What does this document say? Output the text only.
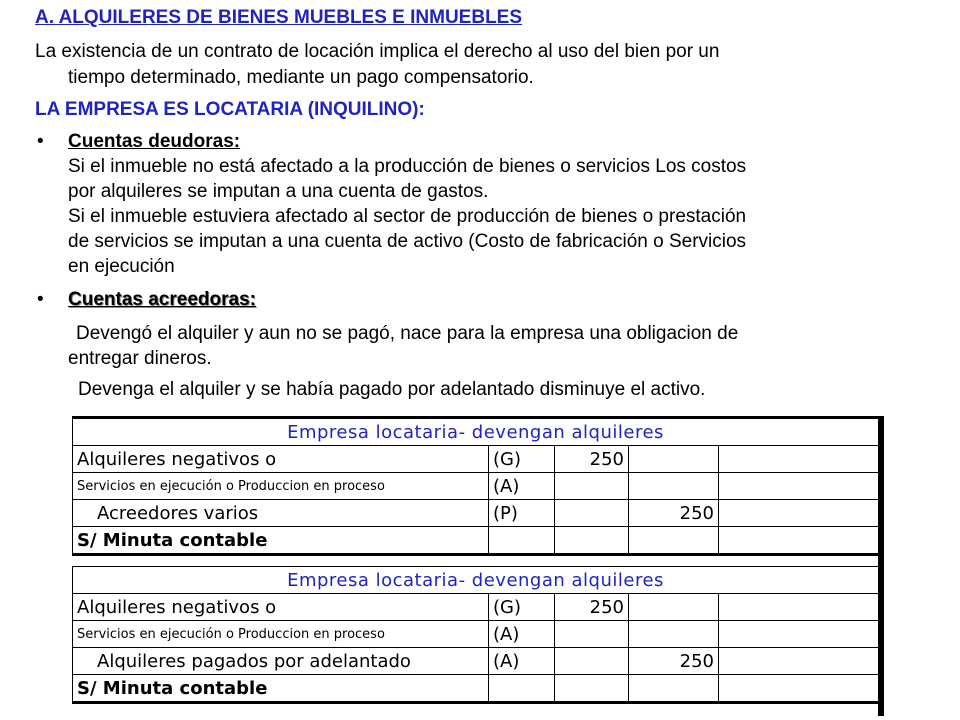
A. ALQUILERES DE BIENES MUEBLES E INMUEBLES
La existencia de un contrato de locación implica el derecho al uso del bien por un
tiempo determinado, mediante un pago compensatorio.
LA EMPRESA ES LOCATARIA (INQUILINO):
• Cuentas deudoras:
Si el inmueble no está afectado a la producción de bienes o servicios Los costos
por alquileres se imputan a una cuenta de gastos.
Si el inmueble estuviera afectado al sector de producción de bienes o prestación
de servicios se imputan a una cuenta de activo (Costo de fabricación o Servicios
en ejecución
• Cuentas acreedoras:
Devengó el alquiler y aun no se pagó, nace para la empresa una obligacion de
entregar dineros.
Devenga el alquiler y se había pagado por adelantado disminuye el activo.
Empresa locataria- devengan alquileres				
Alquileres negativos o	(G)	250		
Servicios en ejecución o Produccion en proceso	(A)			
Acreedores varios	(P)		250	
S/ Minuta contable				
Empresa locataria- devengan alquileres				
Alquileres negativos o	(G)	250		
Servicios en ejecución o Produccion en proceso	(A)			
Alquileres pagados por adelantado	(A)		250	
S/ Minuta contable				
